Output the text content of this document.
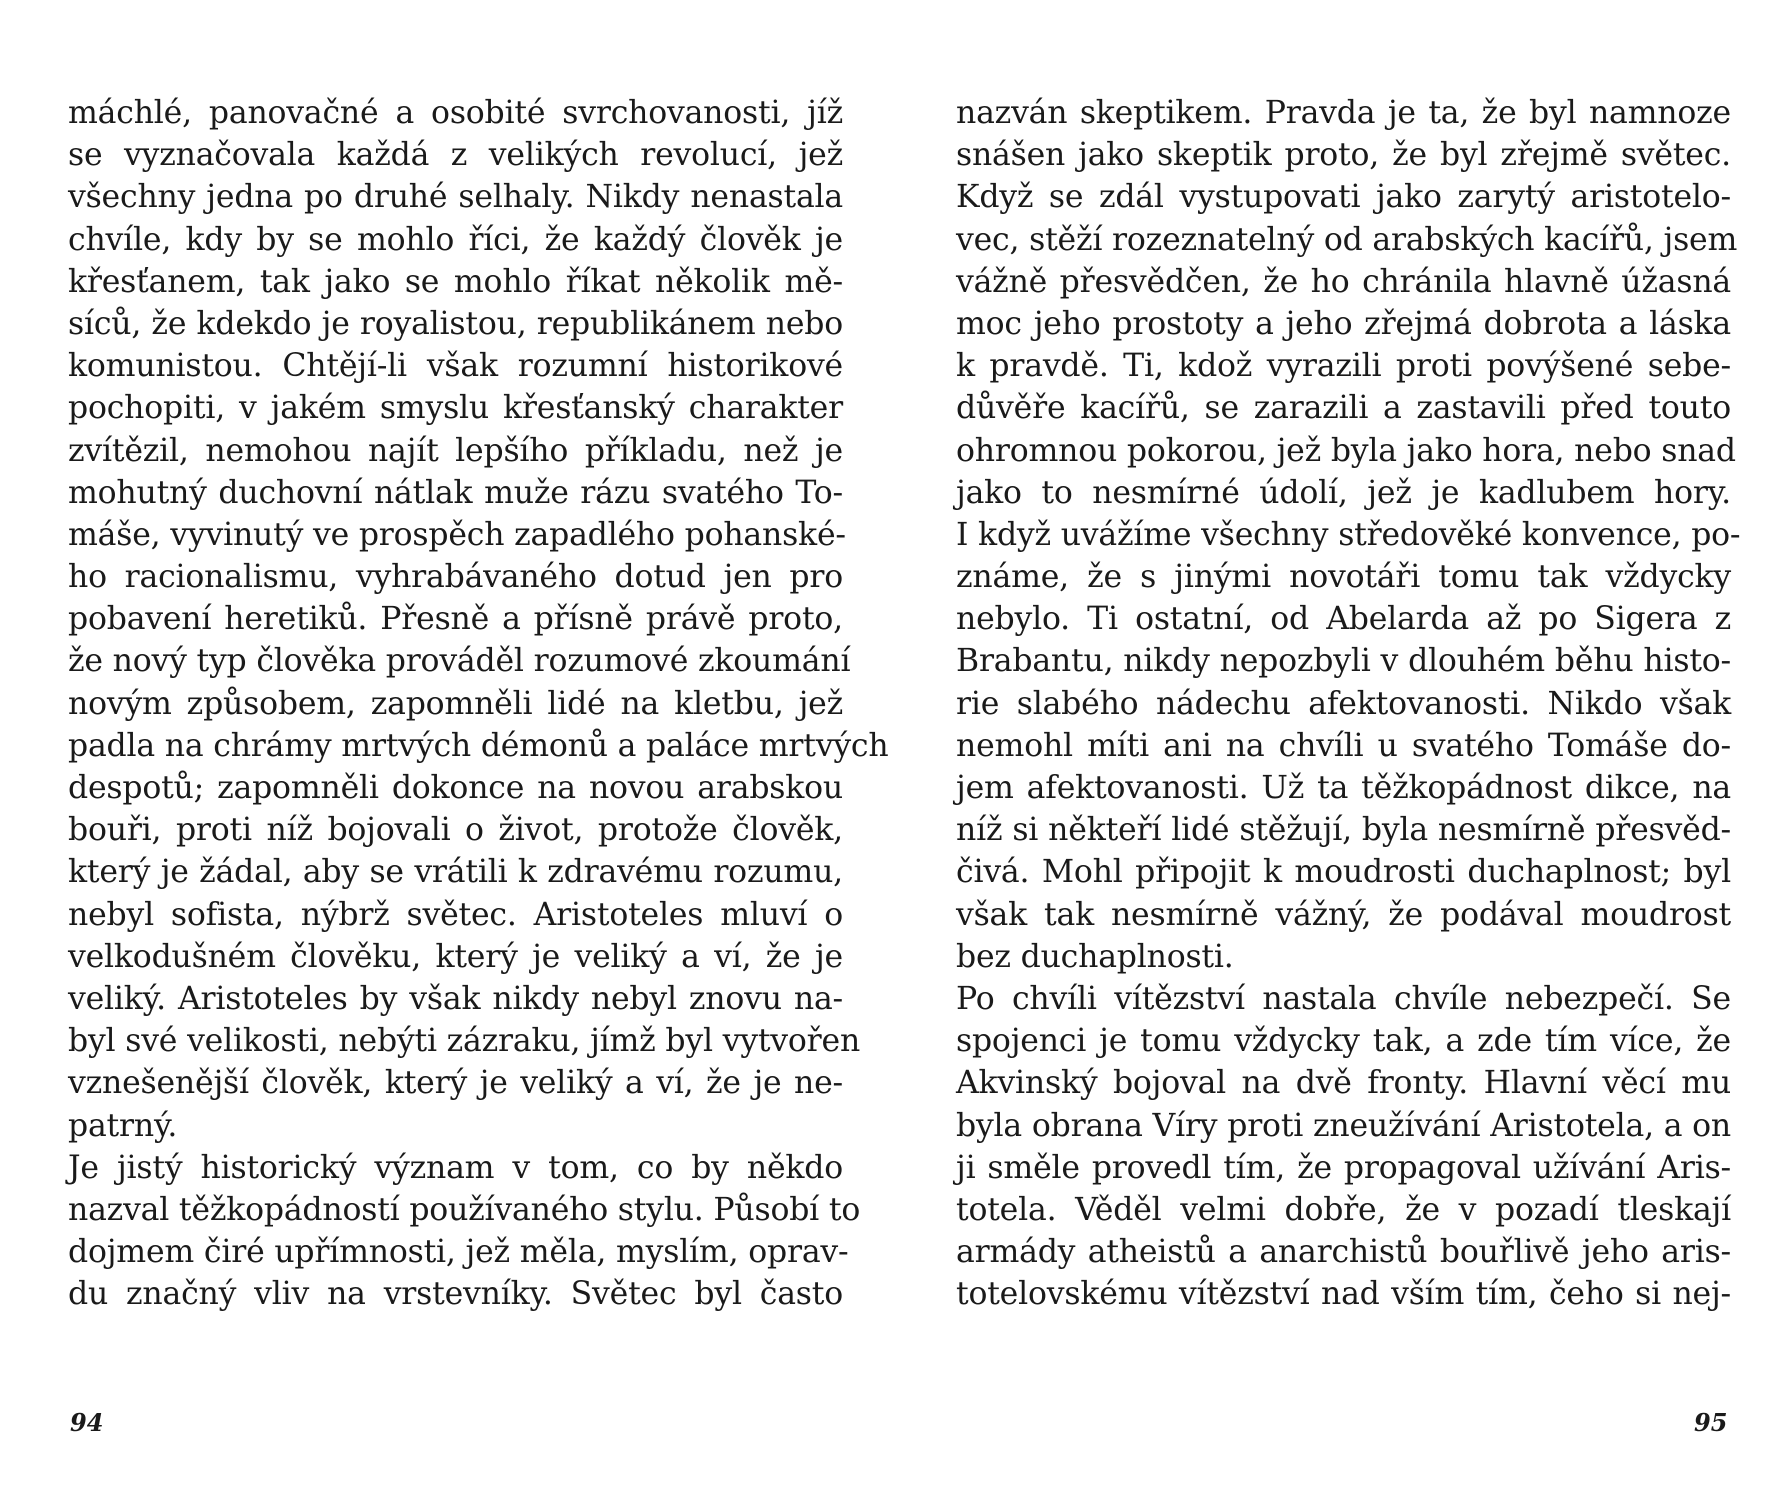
máchlé, panovačné a osobité svrchovanosti, jíž
se vyznačovala každá z velikých revolucí, jež
všechny jedna po druhé selhaly. Nikdy nenastala
chvíle, kdy by se mohlo říci, že každý člověk je
křesťanem, tak jako se mohlo říkat několik mě-
síců, že kdekdo je royalistou, republikánem nebo
komunistou. Chtějí-li však rozumní historikové
pochopiti, v jakém smyslu křesťanský charakter
zvítězil, nemohou najít lepšího příkladu, než je
mohutný duchovní nátlak muže rázu svatého To-
máše, vyvinutý ve prospěch zapadlého pohanské-
ho racionalismu, vyhrabávaného dotud jen pro
pobavení heretiků. Přesně a přísně právě proto,
že nový typ člověka prováděl rozumové zkoumání
novým způsobem, zapomněli lidé na kletbu, jež
padla na chrámy mrtvých démonů a paláce mrtvých
despotů; zapomněli dokonce na novou arabskou
bouři, proti níž bojovali o život, protože člověk,
který je žádal, aby se vrátili k zdravému rozumu,
nebyl sofista, nýbrž světec. Aristoteles mluví o
velkodušném člověku, který je veliký a ví, že je
veliký. Aristoteles by však nikdy nebyl znovu na-
byl své velikosti, nebýti zázraku, jímž byl vytvořen
vznešenější člověk, který je veliký a ví, že je ne-
patrný.
Je jistý historický význam v tom, co by někdo
nazval těžkopádností používaného stylu. Působí to
dojmem čiré upřímnosti, jež měla, myslím, oprav-
du značný vliv na vrstevníky. Světec byl často
nazván skeptikem. Pravda je ta, že byl namnoze
snášen jako skeptik proto, že byl zřejmě světec.
Když se zdál vystupovati jako zarytý aristotelo-
vec, stěží rozeznatelný od arabských kacířů, jsem
vážně přesvědčen, že ho chránila hlavně úžasná
moc jeho prostoty a jeho zřejmá dobrota a láska
k pravdě. Ti, kdož vyrazili proti povýšené sebe-
důvěře kacířů, se zarazili a zastavili před touto
ohromnou pokorou, jež byla jako hora, nebo snad
jako to nesmírné údolí, jež je kadlubem hory.
I když uvážíme všechny středověké konvence, po-
známe, že s jinými novotáři tomu tak vždycky
nebylo. Ti ostatní, od Abelarda až po Sigera z
Brabantu, nikdy nepozbyli v dlouhém běhu histo-
rie slabého nádechu afektovanosti. Nikdo však
nemohl míti ani na chvíli u svatého Tomáše do-
jem afektovanosti. Už ta těžkopádnost dikce, na
níž si někteří lidé stěžují, byla nesmírně přesvěd-
čivá. Mohl připojit k moudrosti duchaplnost; byl
však tak nesmírně vážný, že podával moudrost
bez duchaplnosti.
Po chvíli vítězství nastala chvíle nebezpečí. Se
spojenci je tomu vždycky tak, a zde tím více, že
Akvinský bojoval na dvě fronty. Hlavní věcí mu
byla obrana Víry proti zneužívání Aristotela, a on
ji směle provedl tím, že propagoval užívání Aris-
totela. Věděl velmi dobře, že v pozadí tleskají
armády atheistů a anarchistů bouřlivě jeho aris-
totelovskému vítězství nad vším tím, čeho si nej-
94	95
